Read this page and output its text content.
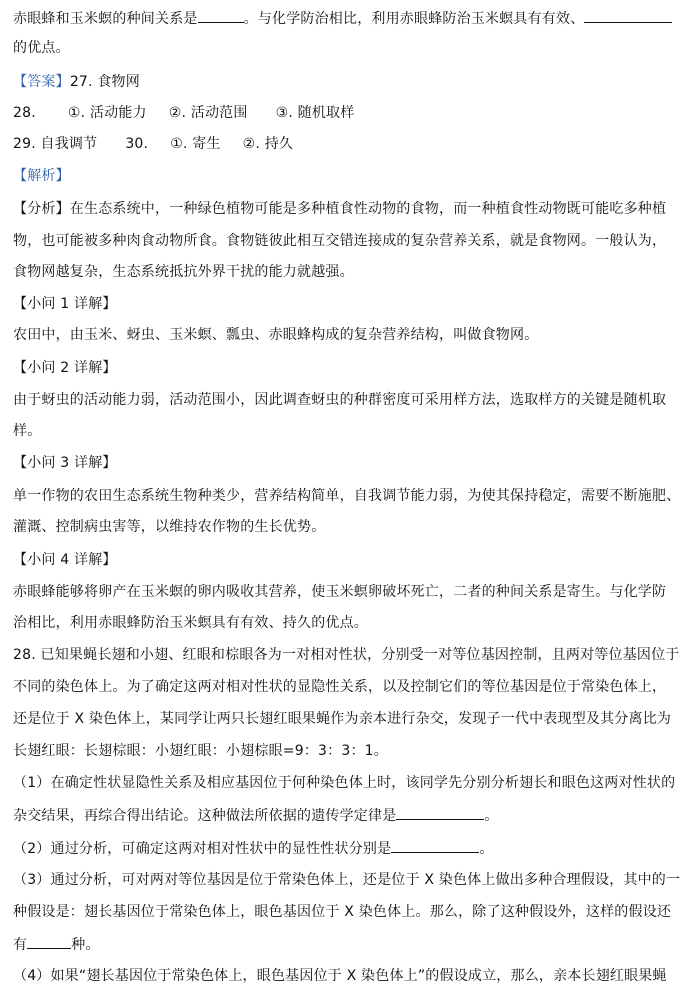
赤眼蜂和玉米螟的种间关系是	。与化学防治相比，利用赤眼蜂防治玉米螟具有有效、
的优点。
【答案】27. 食物网
28. ①. 活动能力 ②. 活动范围 ③. 随机取样
29. 自我调节 30. ①. 寄生 ②. 持久
【解析】
【分析】在生态系统中，一种绿色植物可能是多种植食性动物的食物，而一种植食性动物既可能吃多种植
物，也可能被多种肉食动物所食。食物链彼此相互交错连接成的复杂营养关系，就是食物网。一般认为，
食物网越复杂，生态系统抵抗外界干扰的能力就越强。
【小问 1 详解】
农田中，由玉米、蚜虫、玉米螟、瓢虫、赤眼蜂构成的复杂营养结构，叫做食物网。
【小问 2 详解】
由于蚜虫的活动能力弱，活动范围小，因此调查蚜虫的种群密度可采用样方法，选取样方的关键是随机取
样。
【小问 3 详解】
单一作物的农田生态系统生物种类少，营养结构简单，自我调节能力弱，为使其保持稳定，需要不断施肥、
灌溉、控制病虫害等，以维持农作物的生长优势。
【小问 4 详解】
赤眼蜂能够将卵产在玉米螟的卵内吸收其营养，使玉米螟卵破坏死亡，二者的种间关系是寄生。与化学防
治相比，利用赤眼蜂防治玉米螟具有有效、持久的优点。
28. 已知果蝇长翅和小翅、红眼和棕眼各为一对相对性状，分别受一对等位基因控制，且两对等位基因位于
不同的染色体上。为了确定这两对相对性状的显隐性关系，以及控制它们的等位基因是位于常染色体上，
还是位于 X 染色体上，某同学让两只长翅红眼果蝇作为亲本进行杂交，发现子一代中表现型及其分离比为
长翅红眼：长翅棕眼：小翅红眼：小翅棕眼=9：3：3：1。
（1）在确定性状显隐性关系及相应基因位于何种染色体上时，该同学先分别分析翅长和眼色这两对性状的
杂交结果，再综合得出结论。这种做法所依据的遗传学定律是	。
（2）通过分析，可确定这两对相对性状中的显性性状分别是	。
（3）通过分析，可对两对等位基因是位于常染色体上，还是位于 X 染色体上做出多种合理假设，其中的一
种假设是：翅长基因位于常染色体上，眼色基因位于 X 染色体上。那么，除了这种假设外，这样的假设还
有	种。
（4）如果“翅长基因位于常染色体上，眼色基因位于 X 染色体上”的假设成立，那么，亲本长翅红眼果蝇
